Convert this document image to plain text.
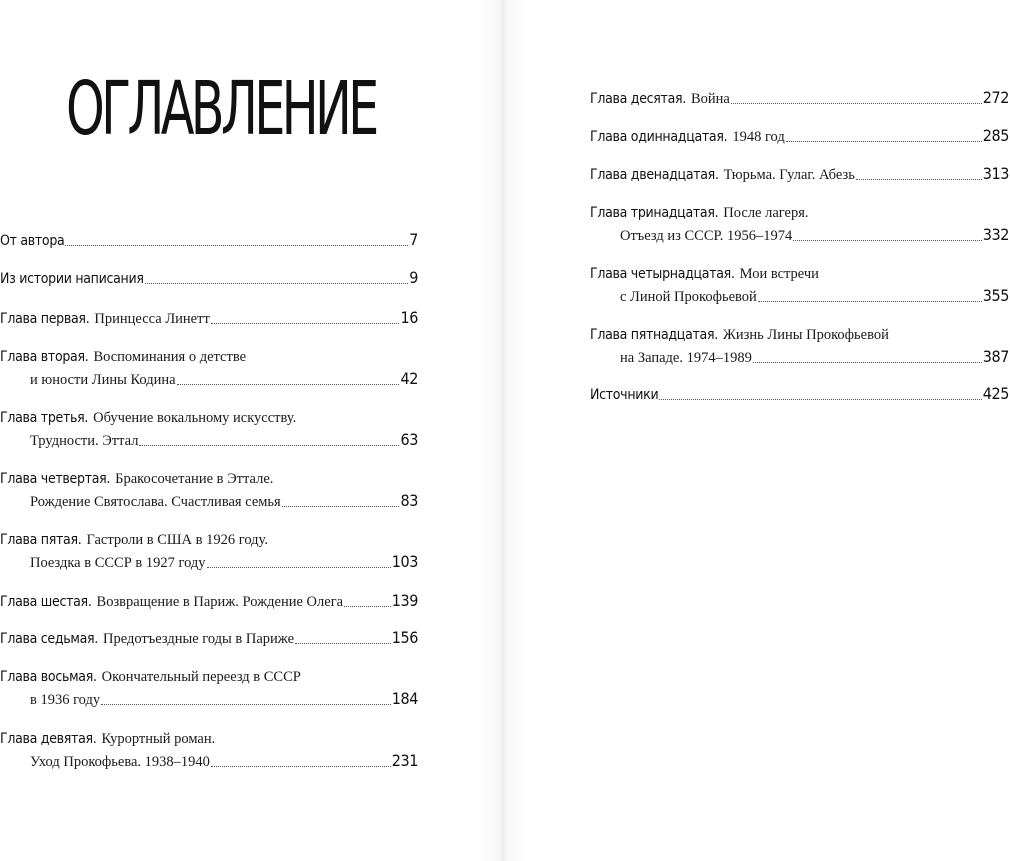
ОГЛАВЛЕНИЕ
От автора	7
Из истории написания	9
Глава первая. Принцесса Линетт	16
Глава вторая. Воспоминания о детстве
и юности Лины Кодина	42
Глава третья. Обучение вокальному искусству.
Трудности. Эттал	63
Глава четвертая. Бракосочетание в Эттале.
Рождение Святослава. Счастливая семья	83
Глава пятая. Гастроли в США в 1926 году.
Поездка в СССР в 1927 году	103
Глава шестая. Возвращение в Париж. Рождение Олега	139
Глава седьмая. Предотъездные годы в Париже	156
Глава восьмая. Окончательный переезд в СССР
в 1936 году	184
Глава девятая. Курортный роман.
Уход Прокофьева. 1938–1940	231
Глава десятая. Война	272
Глава одиннадцатая. 1948 год	285
Глава двенадцатая. Тюрьма. Гулаг. Абезь	313
Глава тринадцатая. После лагеря.
Отъезд из СССР. 1956–1974	332
Глава четырнадцатая. Мои встречи
с Линой Прокофьевой	355
Глава пятнадцатая. Жизнь Лины Прокофьевой
на Западе. 1974–1989	387
Источники	425
